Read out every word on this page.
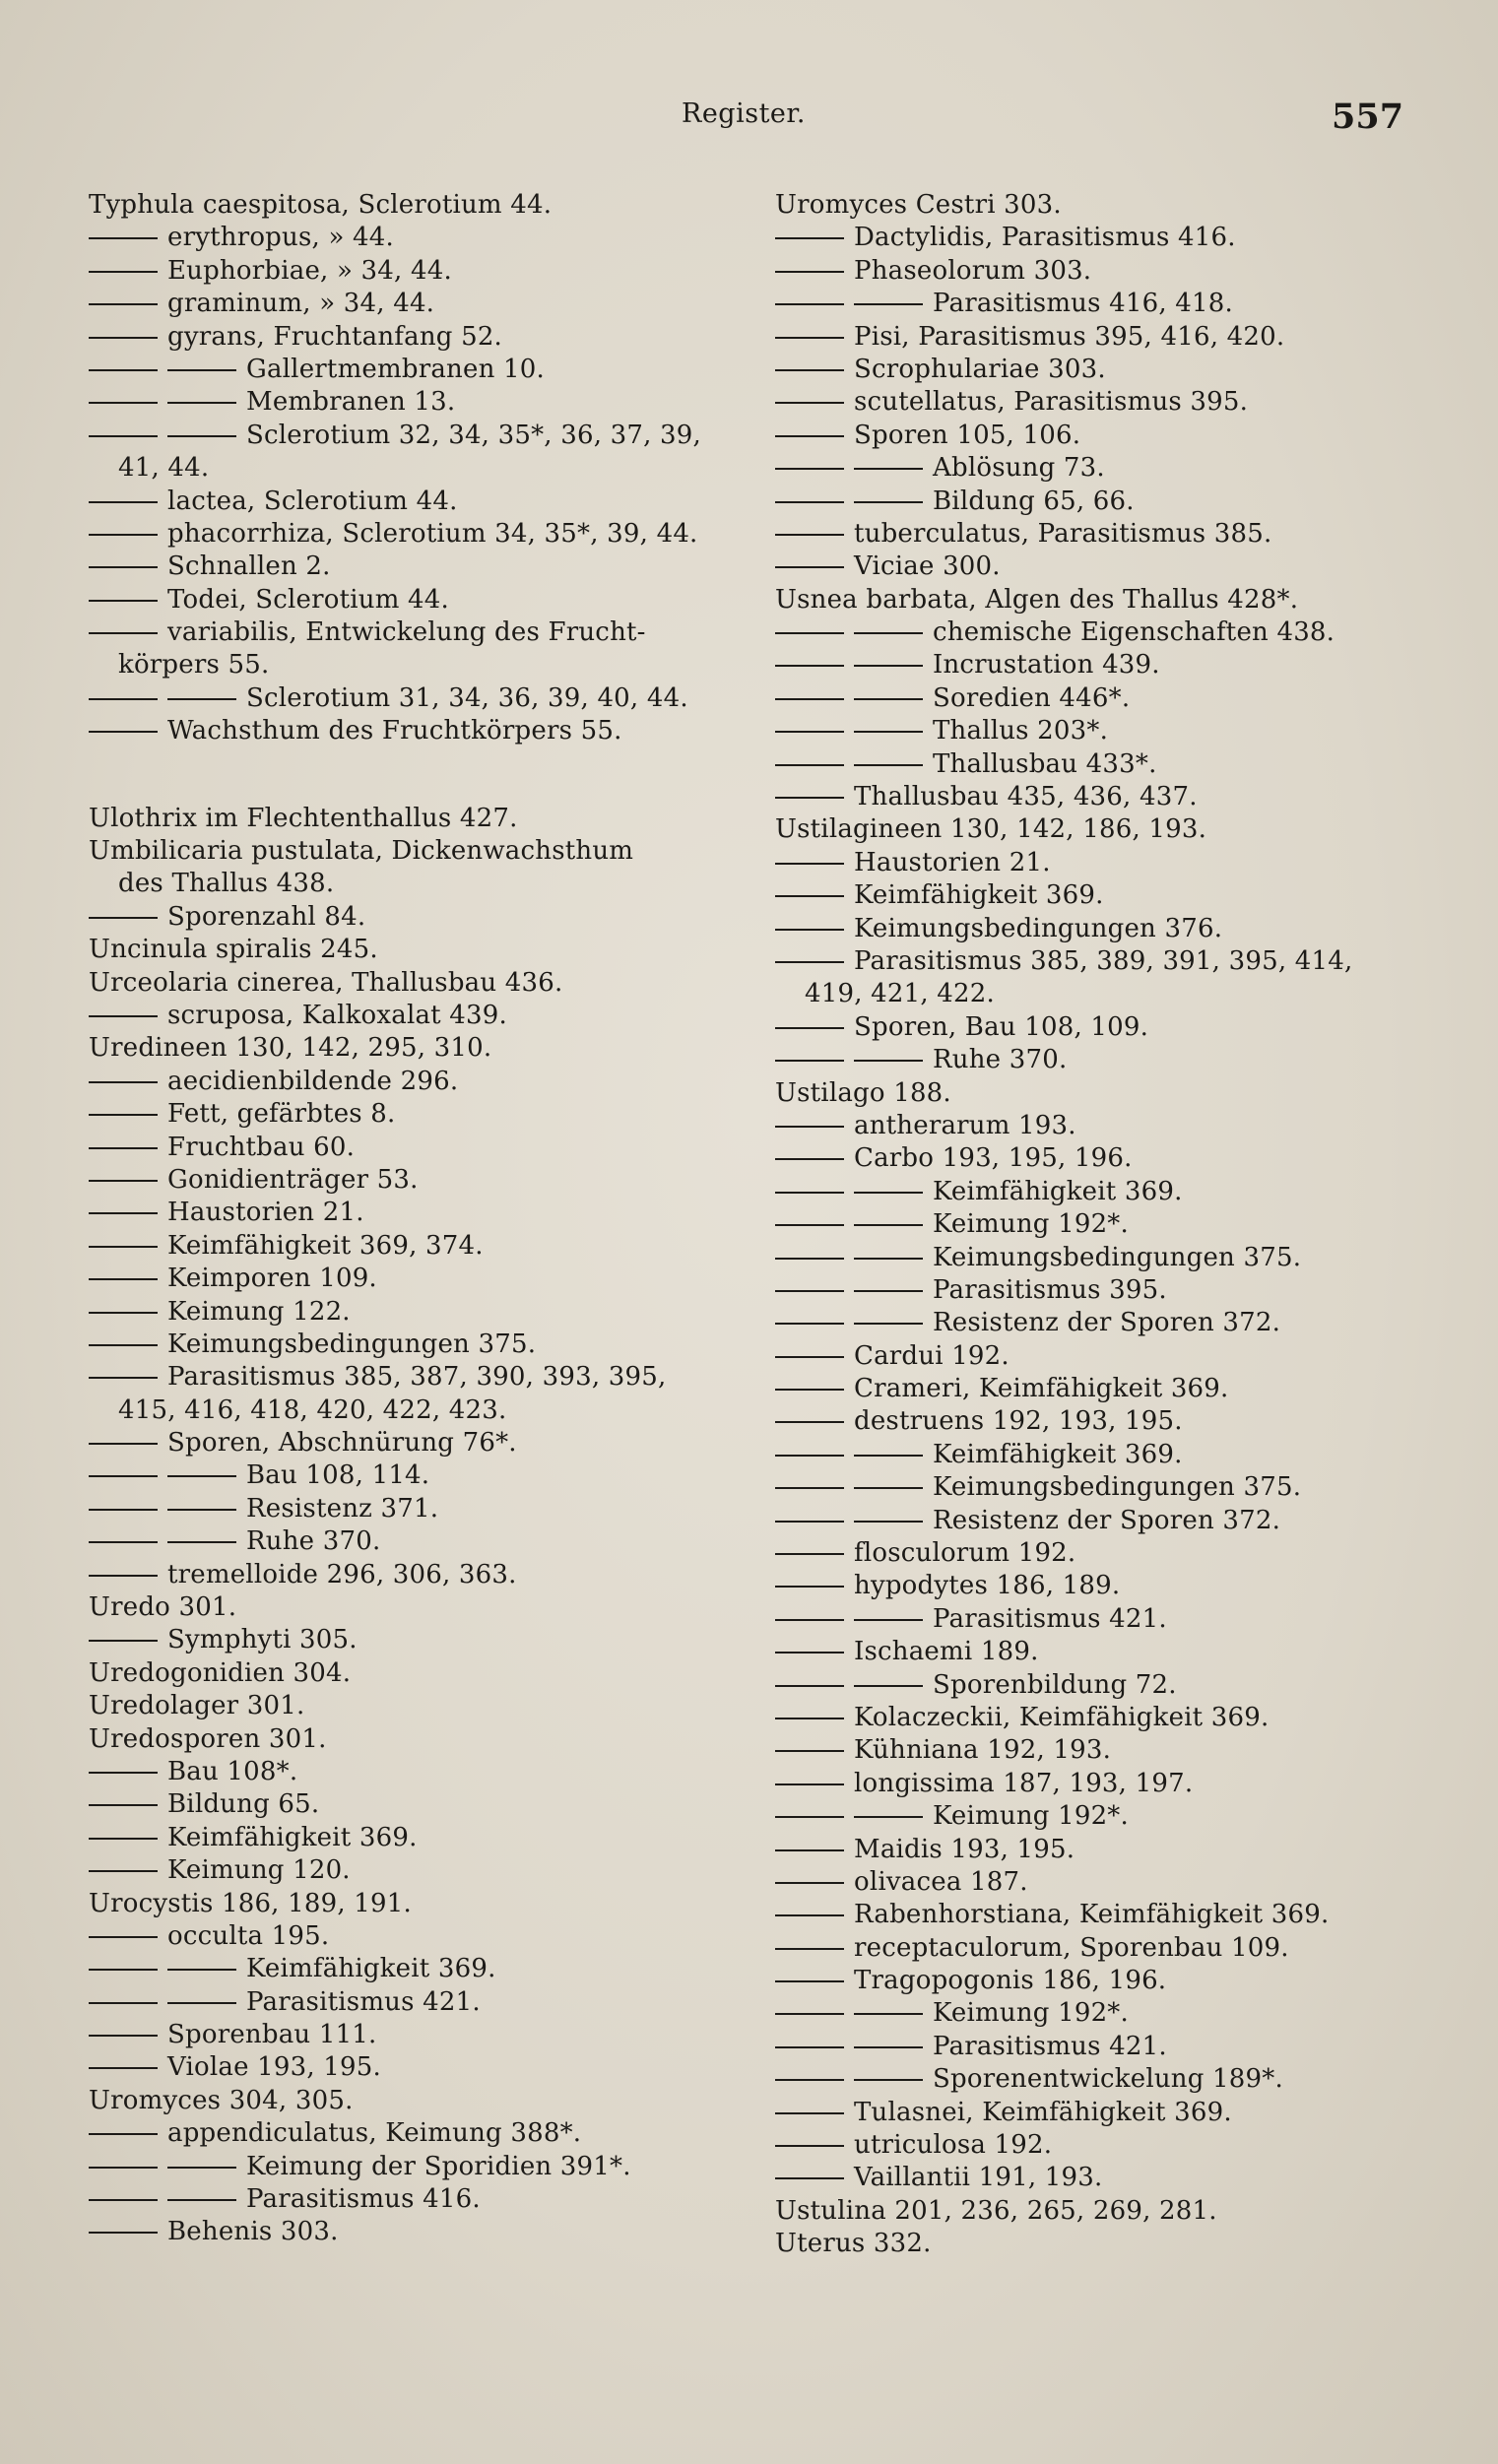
Register.	557
Typhula caespitosa, Sclerotium 44.
erythropus, » 44.
Euphorbiae, » 34, 44.
graminum, » 34, 44.
gyrans, Fruchtanfang 52.
Gallertmembranen 10.
Membranen 13.
Sclerotium 32, 34, 35*, 36, 37, 39,
41, 44.
lactea, Sclerotium 44.
phacorrhiza, Sclerotium 34, 35*, 39, 44.
Schnallen 2.
Todei, Sclerotium 44.
variabilis, Entwickelung des Frucht-
körpers 55.
Sclerotium 31, 34, 36, 39, 40, 44.
Wachsthum des Fruchtkörpers 55.
Ulothrix im Flechtenthallus 427.
Umbilicaria pustulata, Dickenwachsthum
des Thallus 438.
Sporenzahl 84.
Uncinula spiralis 245.
Urceolaria cinerea, Thallusbau 436.
scruposa, Kalkoxalat 439.
Uredineen 130, 142, 295, 310.
aecidienbildende 296.
Fett, gefärbtes 8.
Fruchtbau 60.
Gonidienträger 53.
Haustorien 21.
Keimfähigkeit 369, 374.
Keimporen 109.
Keimung 122.
Keimungsbedingungen 375.
Parasitismus 385, 387, 390, 393, 395,
415, 416, 418, 420, 422, 423.
Sporen, Abschnürung 76*.
Bau 108, 114.
Resistenz 371.
Ruhe 370.
tremelloide 296, 306, 363.
Uredo 301.
Symphyti 305.
Uredogonidien 304.
Uredolager 301.
Uredosporen 301.
Bau 108*.
Bildung 65.
Keimfähigkeit 369.
Keimung 120.
Urocystis 186, 189, 191.
occulta 195.
Keimfähigkeit 369.
Parasitismus 421.
Sporenbau 111.
Violae 193, 195.
Uromyces 304, 305.
appendiculatus, Keimung 388*.
Keimung der Sporidien 391*.
Parasitismus 416.
Behenis 303.
Uromyces Cestri 303.
Dactylidis, Parasitismus 416.
Phaseolorum 303.
Parasitismus 416, 418.
Pisi, Parasitismus 395, 416, 420.
Scrophulariae 303.
scutellatus, Parasitismus 395.
Sporen 105, 106.
Ablösung 73.
Bildung 65, 66.
tuberculatus, Parasitismus 385.
Viciae 300.
Usnea barbata, Algen des Thallus 428*.
chemische Eigenschaften 438.
Incrustation 439.
Soredien 446*.
Thallus 203*.
Thallusbau 433*.
Thallusbau 435, 436, 437.
Ustilagineen 130, 142, 186, 193.
Haustorien 21.
Keimfähigkeit 369.
Keimungsbedingungen 376.
Parasitismus 385, 389, 391, 395, 414,
419, 421, 422.
Sporen, Bau 108, 109.
Ruhe 370.
Ustilago 188.
antherarum 193.
Carbo 193, 195, 196.
Keimfähigkeit 369.
Keimung 192*.
Keimungsbedingungen 375.
Parasitismus 395.
Resistenz der Sporen 372.
Cardui 192.
Crameri, Keimfähigkeit 369.
destruens 192, 193, 195.
Keimfähigkeit 369.
Keimungsbedingungen 375.
Resistenz der Sporen 372.
flosculorum 192.
hypodytes 186, 189.
Parasitismus 421.
Ischaemi 189.
Sporenbildung 72.
Kolaczeckii, Keimfähigkeit 369.
Kühniana 192, 193.
longissima 187, 193, 197.
Keimung 192*.
Maidis 193, 195.
olivacea 187.
Rabenhorstiana, Keimfähigkeit 369.
receptaculorum, Sporenbau 109.
Tragopogonis 186, 196.
Keimung 192*.
Parasitismus 421.
Sporenentwickelung 189*.
Tulasnei, Keimfähigkeit 369.
utriculosa 192.
Vaillantii 191, 193.
Ustulina 201, 236, 265, 269, 281.
Uterus 332.
